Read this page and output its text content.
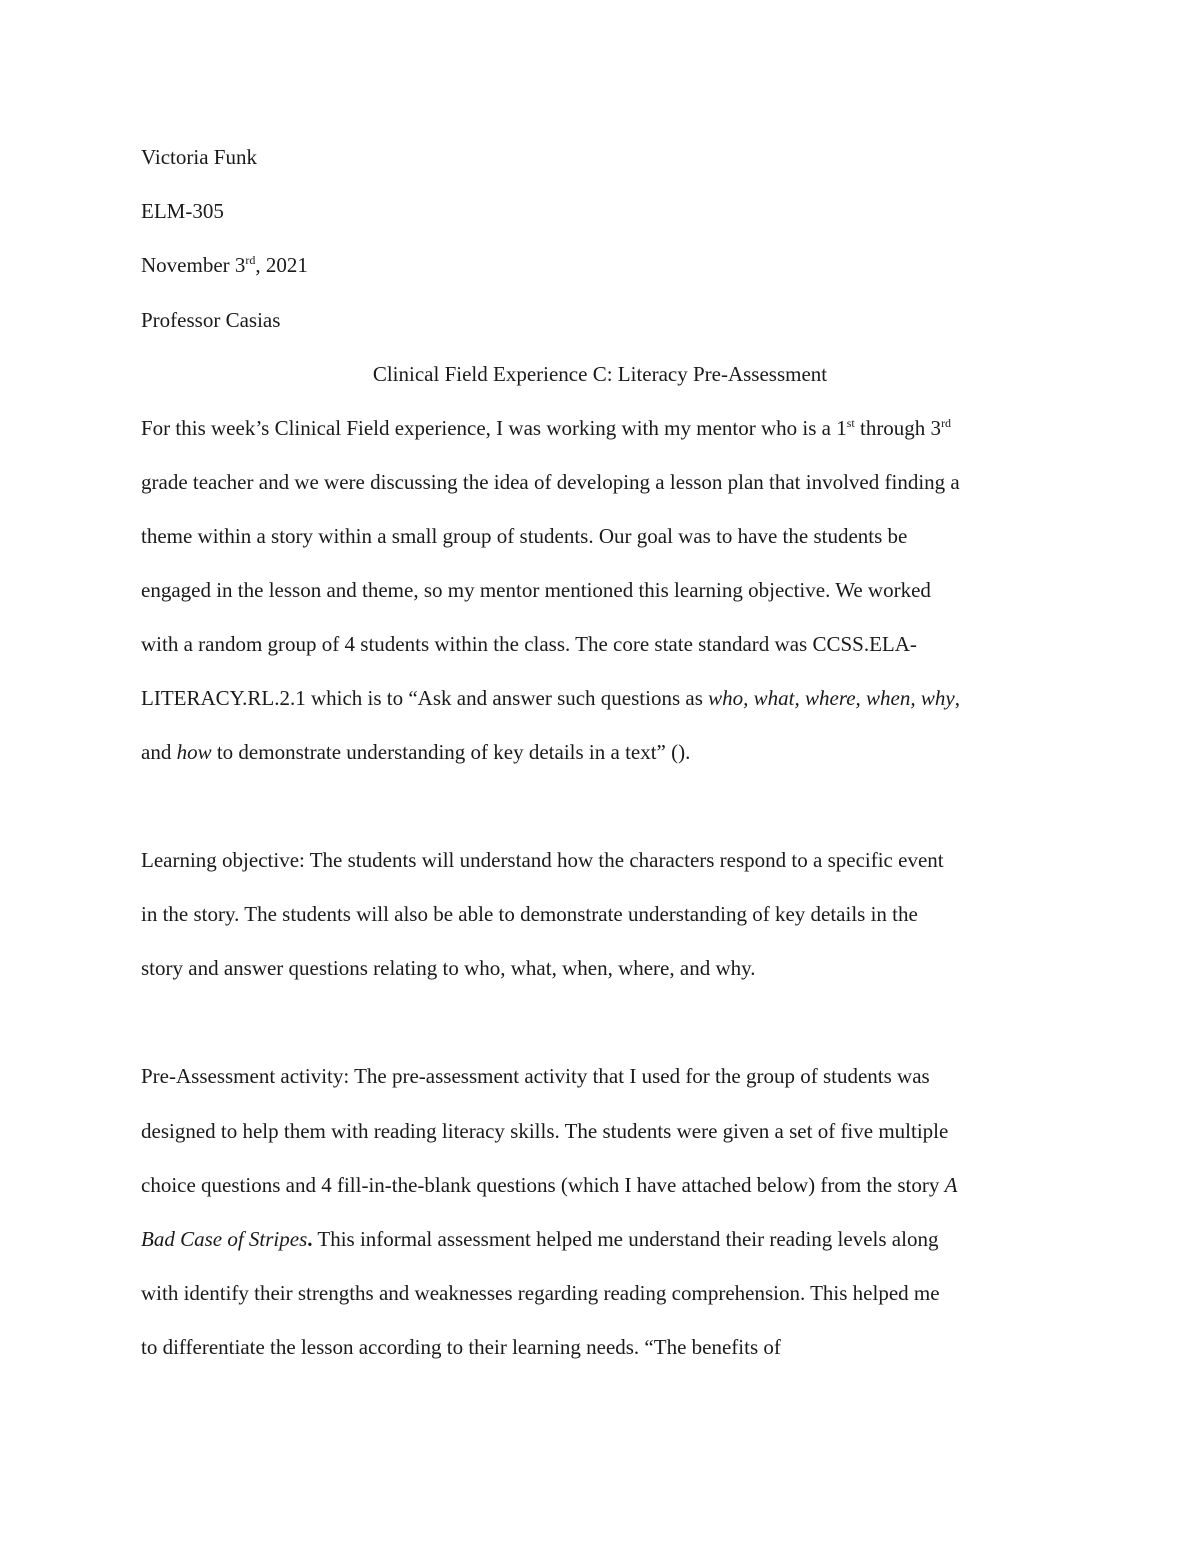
Victoria Funk
ELM-305
November 3rd, 2021
Professor Casias
Clinical Field Experience C: Literacy Pre-Assessment
For this week’s Clinical Field experience, I was working with my mentor who is a 1st through 3rd
grade teacher and we were discussing the idea of developing a lesson plan that involved finding a
theme within a story within a small group of students. Our goal was to have the students be
engaged in the lesson and theme, so my mentor mentioned this learning objective. We worked
with a random group of 4 students within the class. The core state standard was CCSS.ELA-
LITERACY.RL.2.1 which is to “Ask and answer such questions as who, what, where, when, why,
and how to demonstrate understanding of key details in a text” ().
Learning objective: The students will understand how the characters respond to a specific event
in the story. The students will also be able to demonstrate understanding of key details in the
story and answer questions relating to who, what, when, where, and why.
Pre-Assessment activity: The pre-assessment activity that I used for the group of students was
designed to help them with reading literacy skills. The students were given a set of five multiple
choice questions and 4 fill-in-the-blank questions (which I have attached below) from the story A
Bad Case of Stripes. This informal assessment helped me understand their reading levels along
with identify their strengths and weaknesses regarding reading comprehension. This helped me
to differentiate the lesson according to their learning needs. “The benefits of
